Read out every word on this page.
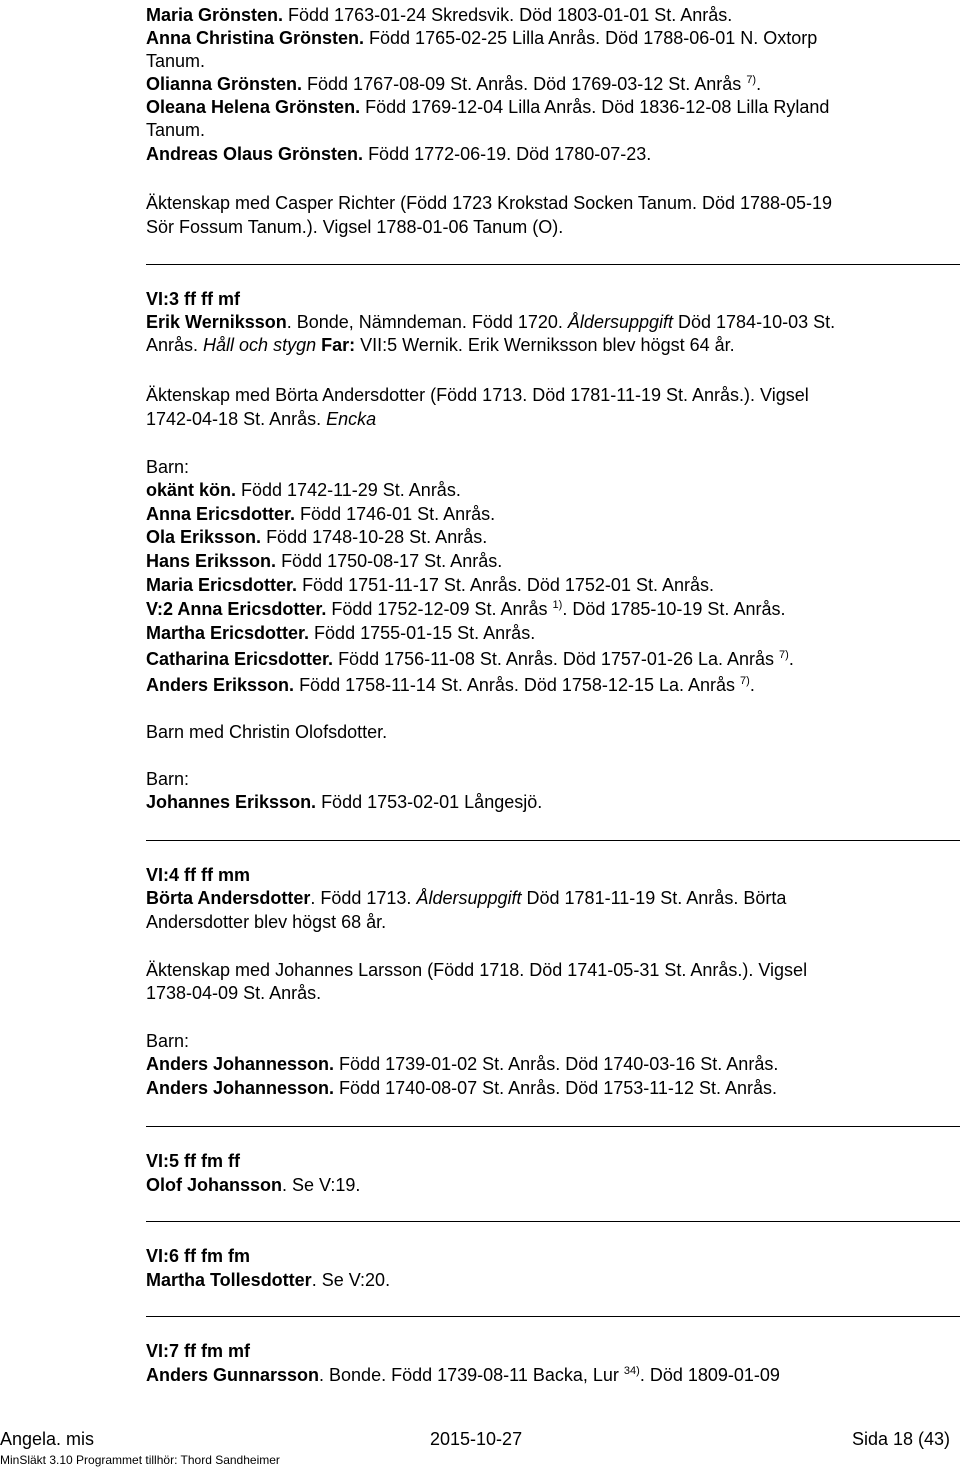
Maria Grönsten. Född 1763-01-24 Skredsvik. Död 1803-01-01 St. Anrås.
Anna Christina Grönsten. Född 1765-02-25 Lilla Anrås. Död 1788-06-01 N. Oxtorp
Tanum.
Olianna Grönsten. Född 1767-08-09 St. Anrås. Död 1769-03-12 St. Anrås $^{7)}$.
Oleana Helena Grönsten. Född 1769-12-04 Lilla Anrås. Död 1836-12-08 Lilla Ryland
Tanum.
Andreas Olaus Grönsten. Född 1772-06-19. Död 1780-07-23.
Äktenskap med Casper Richter (Född 1723 Krokstad Socken Tanum. Död 1788-05-19
Sör Fossum Tanum.). Vigsel 1788-01-06 Tanum (O).
VI:3 ff ff mf
Erik Werniksson. Bonde, Nämndeman. Född 1720. Åldersuppgift Död 1784-10-03 St.
Anrås. Håll och stygn Far: VII:5 Wernik. Erik Werniksson blev högst 64 år.
Äktenskap med Börta Andersdotter (Född 1713. Död 1781-11-19 St. Anrås.). Vigsel
1742-04-18 St. Anrås. Encka
Barn:
okänt kön. Född 1742-11-29 St. Anrås.
Anna Ericsdotter. Född 1746-01 St. Anrås.
Ola Eriksson. Född 1748-10-28 St. Anrås.
Hans Eriksson. Född 1750-08-17 St. Anrås.
Maria Ericsdotter. Född 1751-11-17 St. Anrås. Död 1752-01 St. Anrås.
V:2 Anna Ericsdotter. Född 1752-12-09 St. Anrås $^{1)}$. Död 1785-10-19 St. Anrås.
Martha Ericsdotter. Född 1755-01-15 St. Anrås.
Catharina Ericsdotter. Född 1756-11-08 St. Anrås. Död 1757-01-26 La. Anrås $^{7)}$.
Anders Eriksson. Född 1758-11-14 St. Anrås. Död 1758-12-15 La. Anrås $^{7)}$.
Barn med Christin Olofsdotter.
Barn:
Johannes Eriksson. Född 1753-02-01 Långesjö.
VI:4 ff ff mm
Börta Andersdotter. Född 1713. Åldersuppgift Död 1781-11-19 St. Anrås. Börta
Andersdotter blev högst 68 år.
Äktenskap med Johannes Larsson (Född 1718. Död 1741-05-31 St. Anrås.). Vigsel
1738-04-09 St. Anrås.
Barn:
Anders Johannesson. Född 1739-01-02 St. Anrås. Död 1740-03-16 St. Anrås.
Anders Johannesson. Född 1740-08-07 St. Anrås. Död 1753-11-12 St. Anrås.
VI:5 ff fm ff
Olof Johansson. Se V:19.
VI:6 ff fm fm
Martha Tollesdotter. Se V:20.
VI:7 ff fm mf
Anders Gunnarsson. Bonde. Född 1739-08-11 Backa, Lur $^{34)}$. Död 1809-01-09
Angela. mis	2015-10-27	Sida 18 (43)
MinSläkt 3.10 Programmet tillhör: Thord Sandheimer
